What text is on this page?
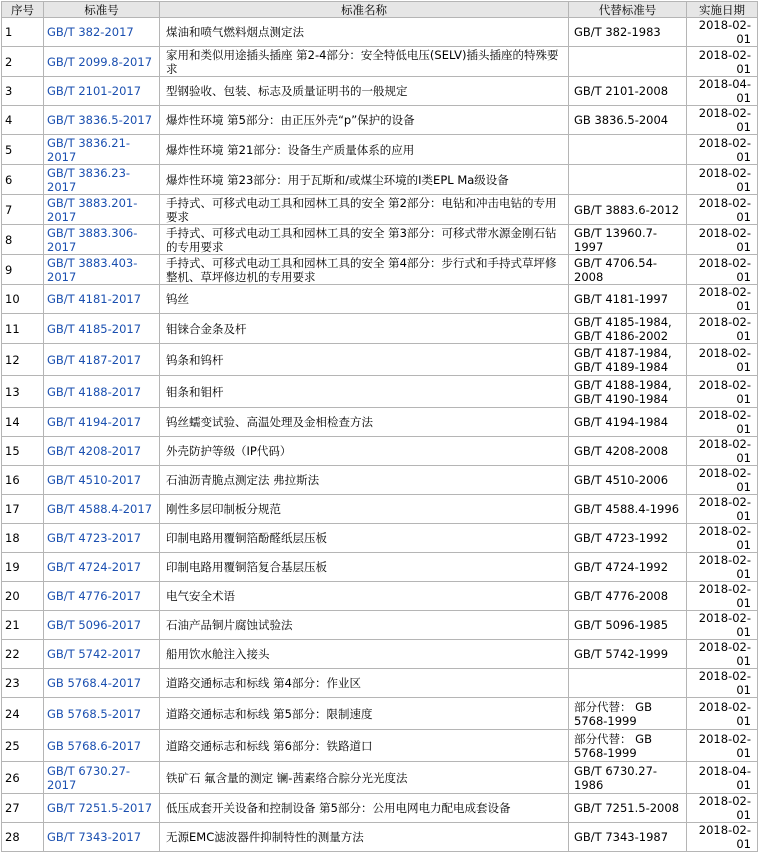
序号	标准号	标准名称	代替标准号	实施日期
1	GB/T 382-2017	煤油和喷气燃料烟点测定法	GB/T 382-1983	2018-02-01
2	GB/T 2099.8-2017	家用和类似用途插头插座 第2-4部分：安全特低电压(SELV)插头插座的特殊要求		2018-02-01
3	GB/T 2101-2017	型钢验收、包装、标志及质量证明书的一般规定	GB/T 2101-2008	2018-04-01
4	GB/T 3836.5-2017	爆炸性环境 第5部分：由正压外壳“p”保护的设备	GB 3836.5-2004	2018-02-01
5	GB/T 3836.21-2017	爆炸性环境 第21部分：设备生产质量体系的应用		2018-02-01
6	GB/T 3836.23-2017	爆炸性环境 第23部分：用于瓦斯和/或煤尘环境的I类EPL Ma级设备		2018-02-01
7	GB/T 3883.201-2017	手持式、可移式电动工具和园林工具的安全 第2部分：电钻和冲击电钻的专用要求	GB/T 3883.6-2012	2018-02-01
8	GB/T 3883.306-2017	手持式、可移式电动工具和园林工具的安全 第3部分：可移式带水源金刚石钻的专用要求	GB/T 13960.7-1997	2018-02-01
9	GB/T 3883.403-2017	手持式、可移式电动工具和园林工具的安全 第4部分：步行式和手持式草坪修整机、草坪修边机的专用要求	GB/T 4706.54-2008	2018-02-01
10	GB/T 4181-2017	钨丝	GB/T 4181-1997	2018-02-01
11	GB/T 4185-2017	钼铼合金条及杆	GB/T 4185-1984, GB/T 4186-2002	2018-02-01
12	GB/T 4187-2017	钨条和钨杆	GB/T 4187-1984, GB/T 4189-1984	2018-02-01
13	GB/T 4188-2017	钼条和钼杆	GB/T 4188-1984, GB/T 4190-1984	2018-02-01
14	GB/T 4194-2017	钨丝蠕变试验、高温处理及金相检查方法	GB/T 4194-1984	2018-02-01
15	GB/T 4208-2017	外壳防护等级（IP代码）	GB/T 4208-2008	2018-02-01
16	GB/T 4510-2017	石油沥青脆点测定法 弗拉斯法	GB/T 4510-2006	2018-02-01
17	GB/T 4588.4-2017	刚性多层印制板分规范	GB/T 4588.4-1996	2018-02-01
18	GB/T 4723-2017	印制电路用覆铜箔酚醛纸层压板	GB/T 4723-1992	2018-02-01
19	GB/T 4724-2017	印制电路用覆铜箔复合基层压板	GB/T 4724-1992	2018-02-01
20	GB/T 4776-2017	电气安全术语	GB/T 4776-2008	2018-02-01
21	GB/T 5096-2017	石油产品铜片腐蚀试验法	GB/T 5096-1985	2018-02-01
22	GB/T 5742-2017	船用饮水舱注入接头	GB/T 5742-1999	2018-02-01
23	GB 5768.4-2017	道路交通标志和标线 第4部分：作业区		2018-02-01
24	GB 5768.5-2017	道路交通标志和标线 第5部分：限制速度	部分代替： GB 5768-1999	2018-02-01
25	GB 5768.6-2017	道路交通标志和标线 第6部分：铁路道口	部分代替： GB 5768-1999	2018-02-01
26	GB/T 6730.27-2017	铁矿石 氟含量的测定 镧-茜素络合腙分光光度法	GB/T 6730.27-1986	2018-04-01
27	GB/T 7251.5-2017	低压成套开关设备和控制设备 第5部分：公用电网电力配电成套设备	GB/T 7251.5-2008	2018-02-01
28	GB/T 7343-2017	无源EMC滤波器件抑制特性的测量方法	GB/T 7343-1987	2018-02-01
